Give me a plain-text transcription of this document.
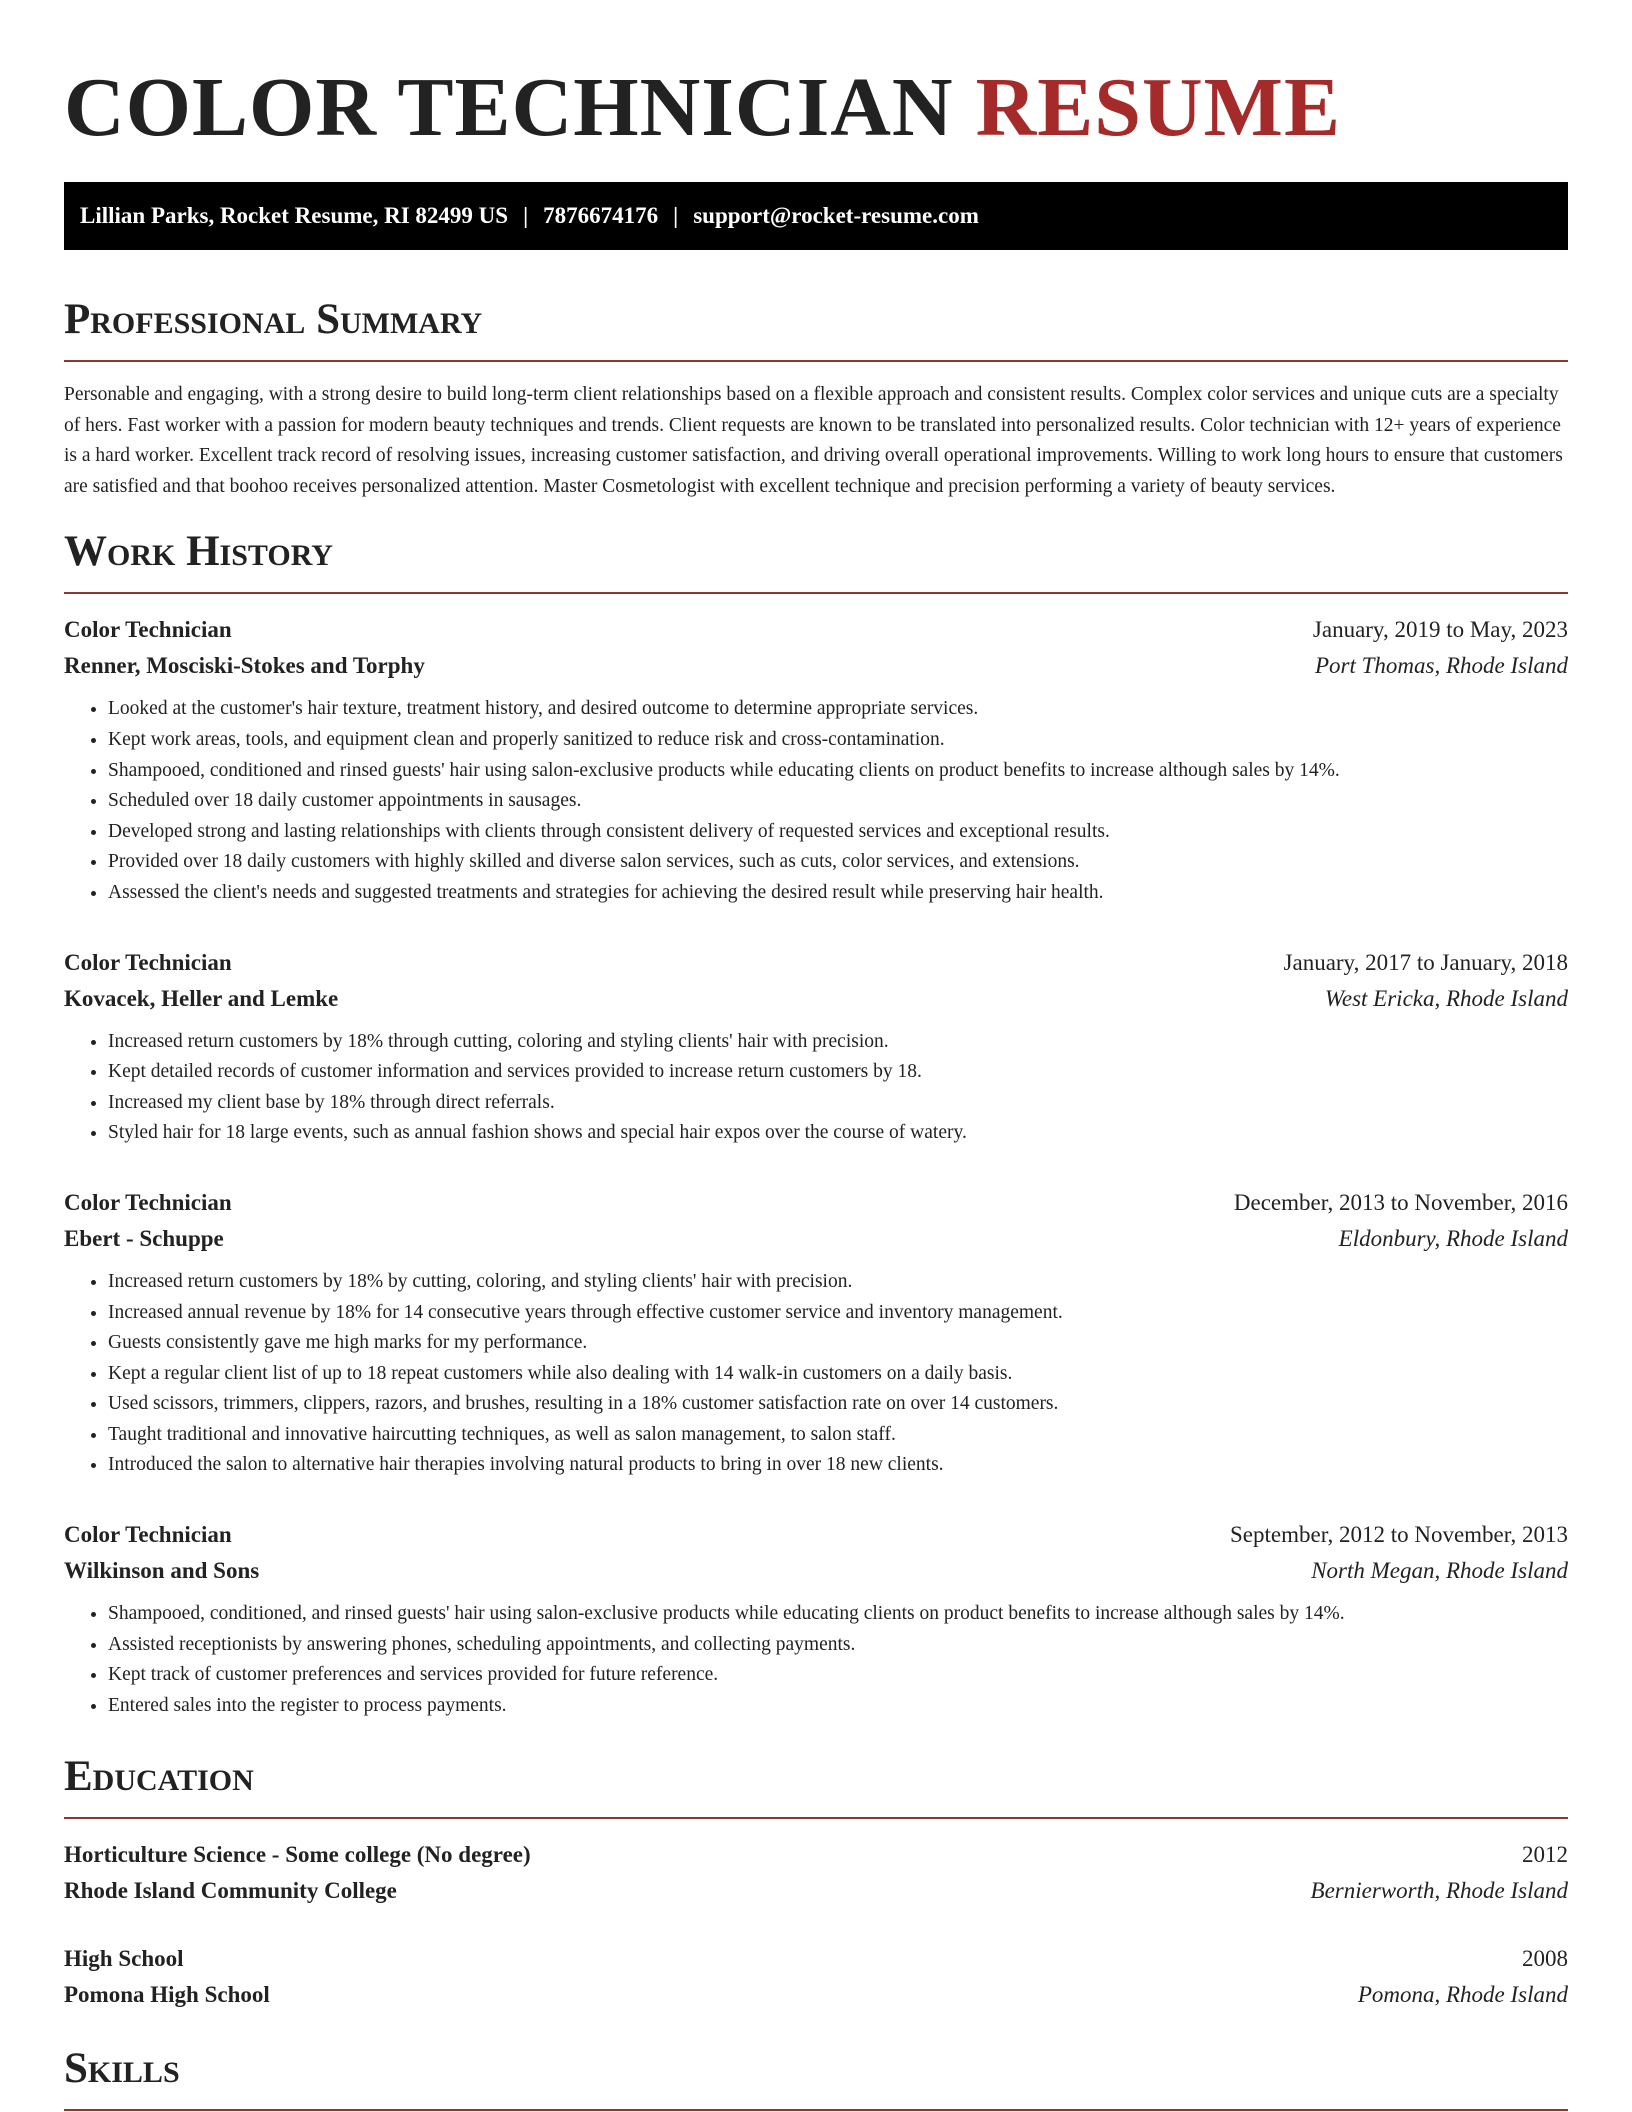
COLOR TECHNICIAN RESUME
Lillian Parks, Rocket Resume, RI 82499 US | 7876674176 | support@rocket-resume.com
Professional Summary

Personable and engaging, with a strong desire to build long-term client relationships based on a flexible approach and consistent results. Complex color services and unique cuts are a specialty of hers. Fast worker with a passion for modern beauty techniques and trends. Client requests are known to be translated into personalized results. Color technician with 12+ years of experience is a hard worker. Excellent track record of resolving issues, increasing customer satisfaction, and driving overall operational improvements. Willing to work long hours to ensure that customers are satisfied and that boohoo receives personalized attention. Master Cosmetologist with excellent technique and precision performing a variety of beauty services.

Work History
Color Technician	January, 2019 to May, 2023
Renner, Mosciski-Stokes and Torphy	Port Thomas, Rhode Island
• Looked at the customer's hair texture, treatment history, and desired outcome to determine appropriate services.
• Kept work areas, tools, and equipment clean and properly sanitized to reduce risk and cross-contamination.
• Shampooed, conditioned and rinsed guests' hair using salon-exclusive products while educating clients on product benefits to increase although sales by 14%.
• Scheduled over 18 daily customer appointments in sausages.
• Developed strong and lasting relationships with clients through consistent delivery of requested services and exceptional results.
• Provided over 18 daily customers with highly skilled and diverse salon services, such as cuts, color services, and extensions.
• Assessed the client's needs and suggested treatments and strategies for achieving the desired result while preserving hair health.
Color Technician	January, 2017 to January, 2018
Kovacek, Heller and Lemke	West Ericka, Rhode Island
• Increased return customers by 18% through cutting, coloring and styling clients' hair with precision.
• Kept detailed records of customer information and services provided to increase return customers by 18.
• Increased my client base by 18% through direct referrals.
• Styled hair for 18 large events, such as annual fashion shows and special hair expos over the course of watery.
Color Technician	December, 2013 to November, 2016
Ebert - Schuppe	Eldonbury, Rhode Island
• Increased return customers by 18% by cutting, coloring, and styling clients' hair with precision.
• Increased annual revenue by 18% for 14 consecutive years through effective customer service and inventory management.
• Guests consistently gave me high marks for my performance.
• Kept a regular client list of up to 18 repeat customers while also dealing with 14 walk-in customers on a daily basis.
• Used scissors, trimmers, clippers, razors, and brushes, resulting in a 18% customer satisfaction rate on over 14 customers.
• Taught traditional and innovative haircutting techniques, as well as salon management, to salon staff.
• Introduced the salon to alternative hair therapies involving natural products to bring in over 18 new clients.
Color Technician	September, 2012 to November, 2013
Wilkinson and Sons	North Megan, Rhode Island
• Shampooed, conditioned, and rinsed guests' hair using salon-exclusive products while educating clients on product benefits to increase although sales by 14%.
• Assisted receptionists by answering phones, scheduling appointments, and collecting payments.
• Kept track of customer preferences and services provided for future reference.
• Entered sales into the register to process payments.
Education
Horticulture Science - Some college (No degree)	2012
Rhode Island Community College	Bernierworth, Rhode Island
High School	2008
Pomona High School	Pomona, Rhode Island
Skills
